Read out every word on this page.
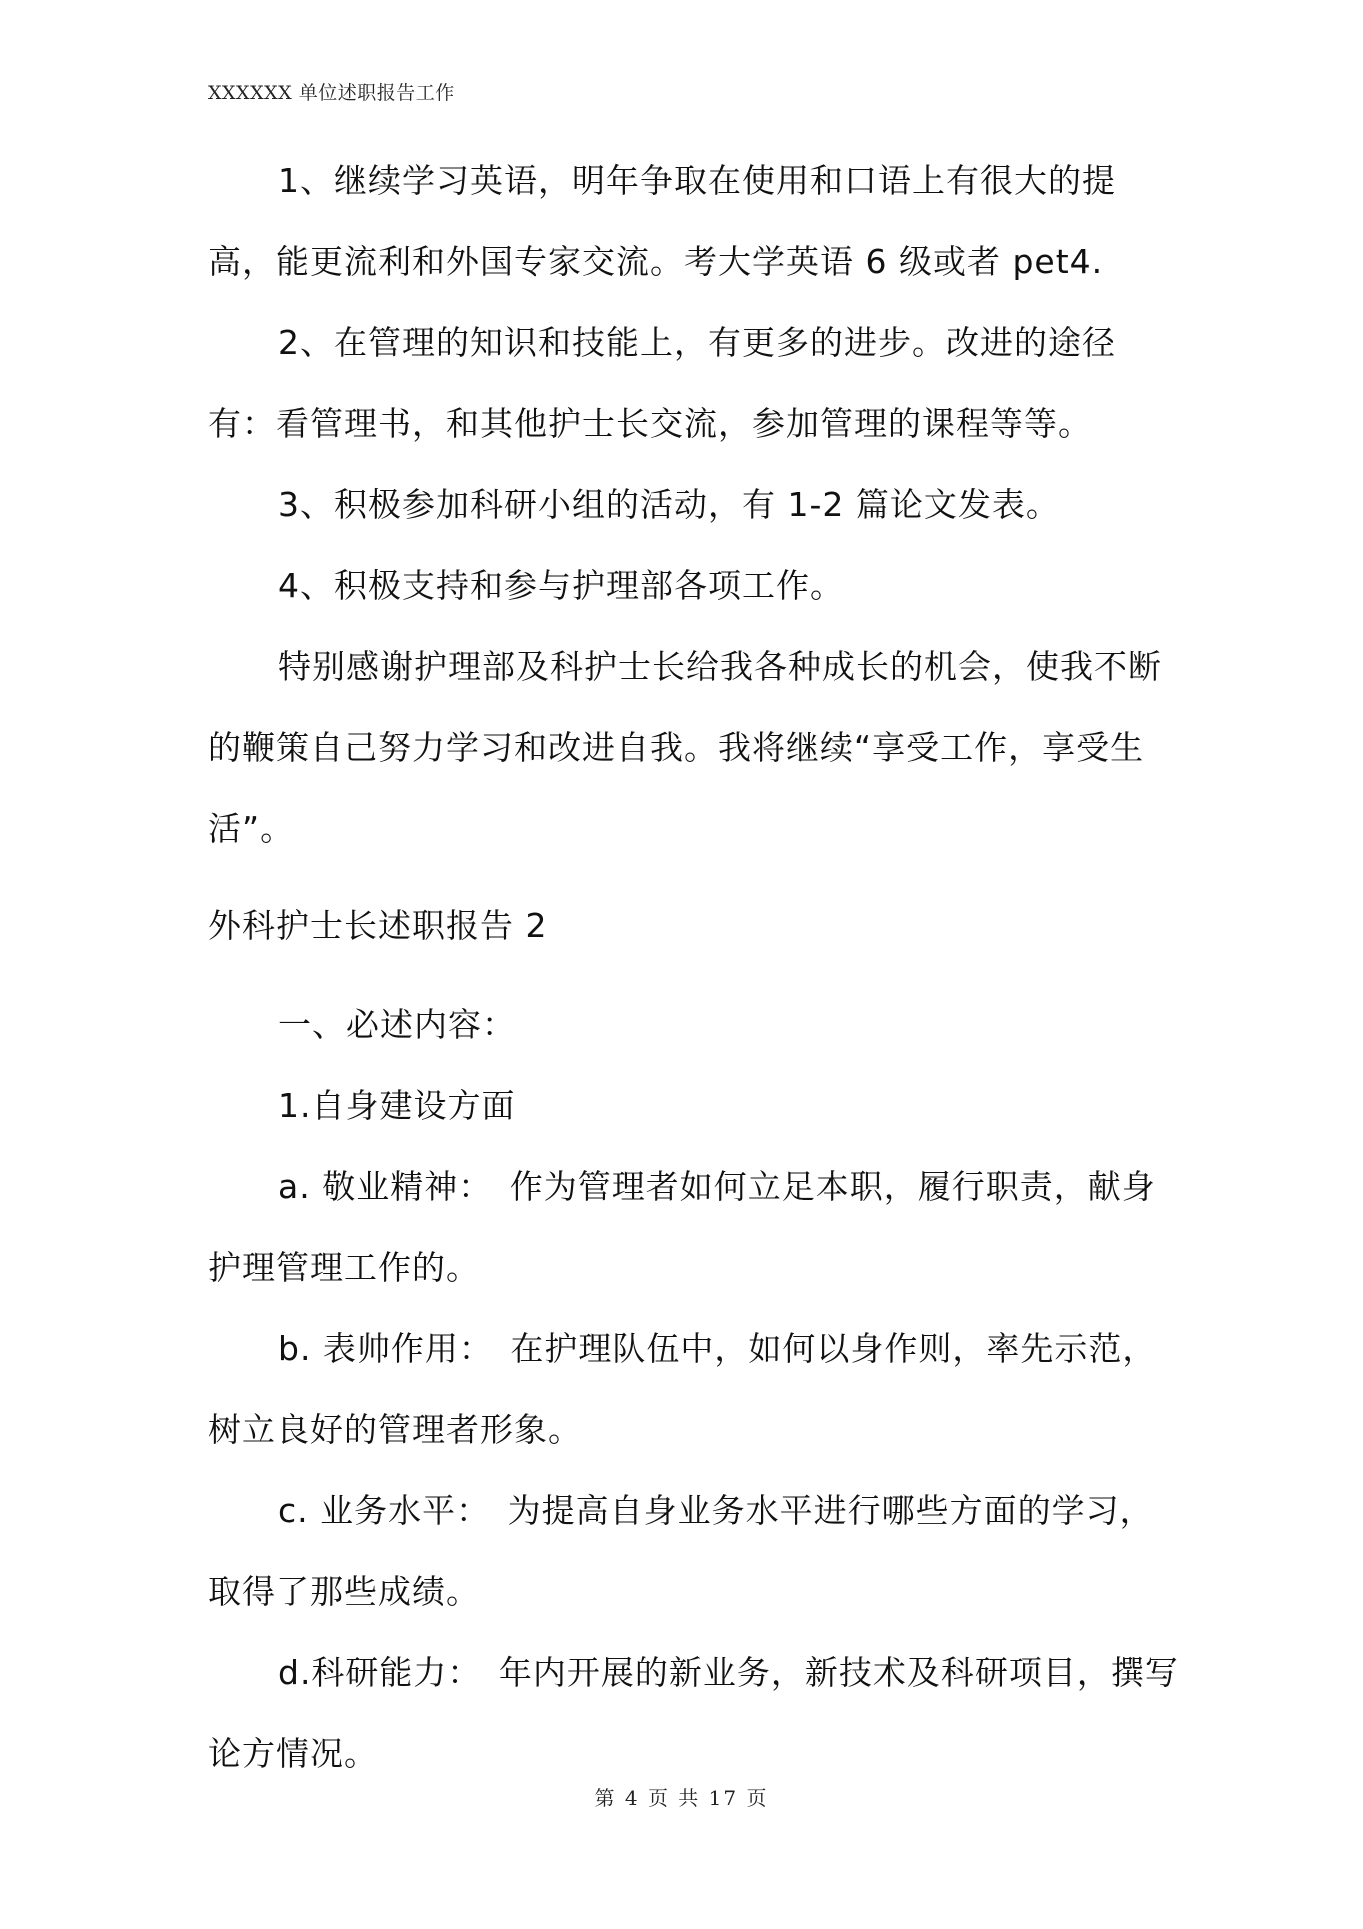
XXXXXX 单位述职报告工作

1、继续学习英语，明年争取在使用和口语上有很大的提高，能更流利和外国专家交流。考大学英语 6 级或者 pet4.

2、在管理的知识和技能上，有更多的进步。改进的途径有：看管理书，和其他护士长交流，参加管理的课程等等。

3、积极参加科研小组的活动，有 1-2 篇论文发表。

4、积极支持和参与护理部各项工作。

特别感谢护理部及科护士长给我各种成长的机会，使我不断的鞭策自己努力学习和改进自我。我将继续“享受工作，享受生活”。

外科护士长述职报告 2

一、必述内容：

1.自身建设方面

a. 敬业精神：　作为管理者如何立足本职，履行职责，献身护理管理工作的。

b. 表帅作用：　在护理队伍中，如何以身作则，率先示范，树立良好的管理者形象。

c. 业务水平：　为提高自身业务水平进行哪些方面的学习，取得了那些成绩。

d.科研能力：　年内开展的新业务，新技术及科研项目，撰写论方情况。

第 4 页 共 17 页
